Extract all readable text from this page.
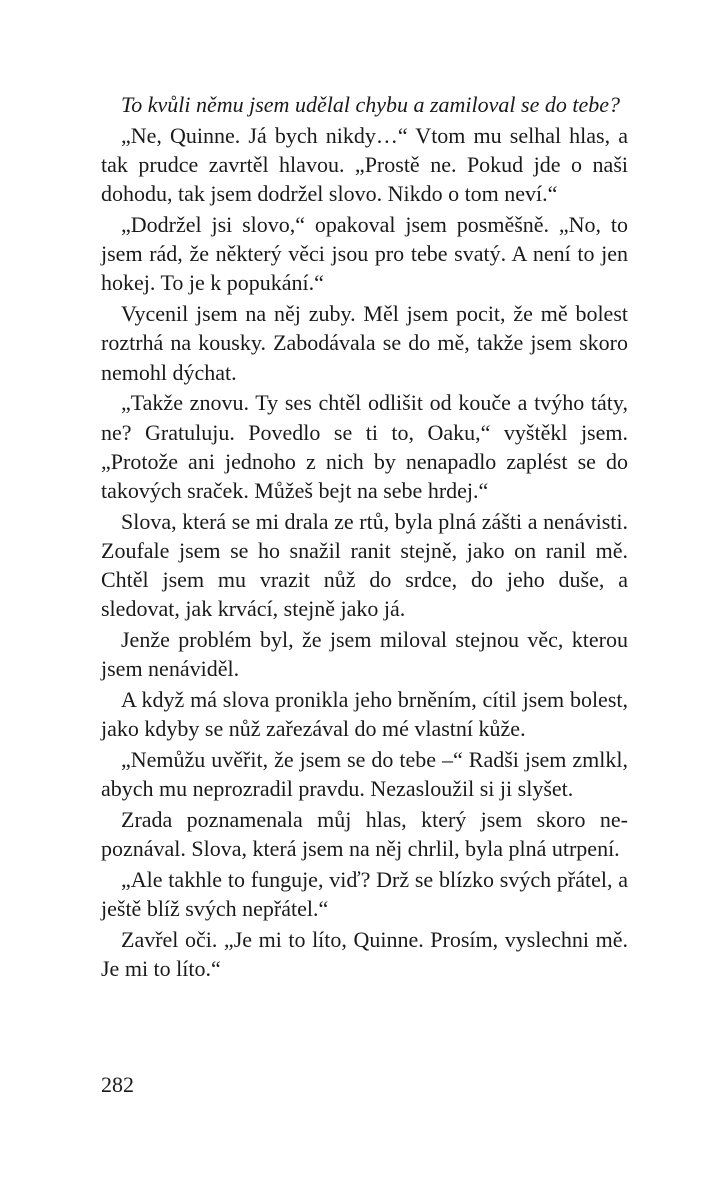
To kvůli němu jsem udělal chybu a zamiloval se do tebe?

„Ne, Quinne. Já bych nikdy…“ Vtom mu selhal hlas, a tak prudce zavrtěl hlavou. „Prostě ne. Pokud jde o naši dohodu, tak jsem dodržel slovo. Nikdo o tom neví.“

„Dodržel jsi slovo,“ opakoval jsem posměšně. „No, to jsem rád, že některý věci jsou pro tebe svatý. A není to jen hokej. To je k popukání.“

Vycenil jsem na něj zuby. Měl jsem pocit, že mě bolest roztrhá na kousky. Zabodávala se do mě, takže jsem skoro nemohl dýchat.

„Takže znovu. Ty ses chtěl odlišit od kouče a tvýho táty, ne? Gratuluju. Povedlo se ti to, Oaku,“ vyštěkl jsem. „Protože ani jednoho z nich by nenapadlo zaplést se do takových sraček. Můžeš bejt na sebe hrdej.“

Slova, která se mi drala ze rtů, byla plná zášti a nenávisti. Zoufale jsem se ho snažil ranit stejně, jako on ranil mě. Chtěl jsem mu vrazit nůž do srdce, do jeho duše, a sledovat, jak krvácí, stejně jako já.

Jenže problém byl, že jsem miloval stejnou věc, kterou jsem nenáviděl.

A když má slova pronikla jeho brněním, cítil jsem bolest, jako kdyby se nůž zařezával do mé vlastní kůže.

„Nemůžu uvěřit, že jsem se do tebe –“ Radši jsem zmlkl, abych mu neprozradil pravdu. Nezasloužil si ji slyšet.

Zrada poznamenala můj hlas, který jsem skoro nepoznával. Slova, která jsem na něj chrlil, byla plná utrpení.

„Ale takhle to funguje, viď? Drž se blízko svých přátel, a ještě blíž svých nepřátel.“

Zavřel oči. „Je mi to líto, Quinne. Prosím, vyslechni mě. Je mi to líto.“

282
